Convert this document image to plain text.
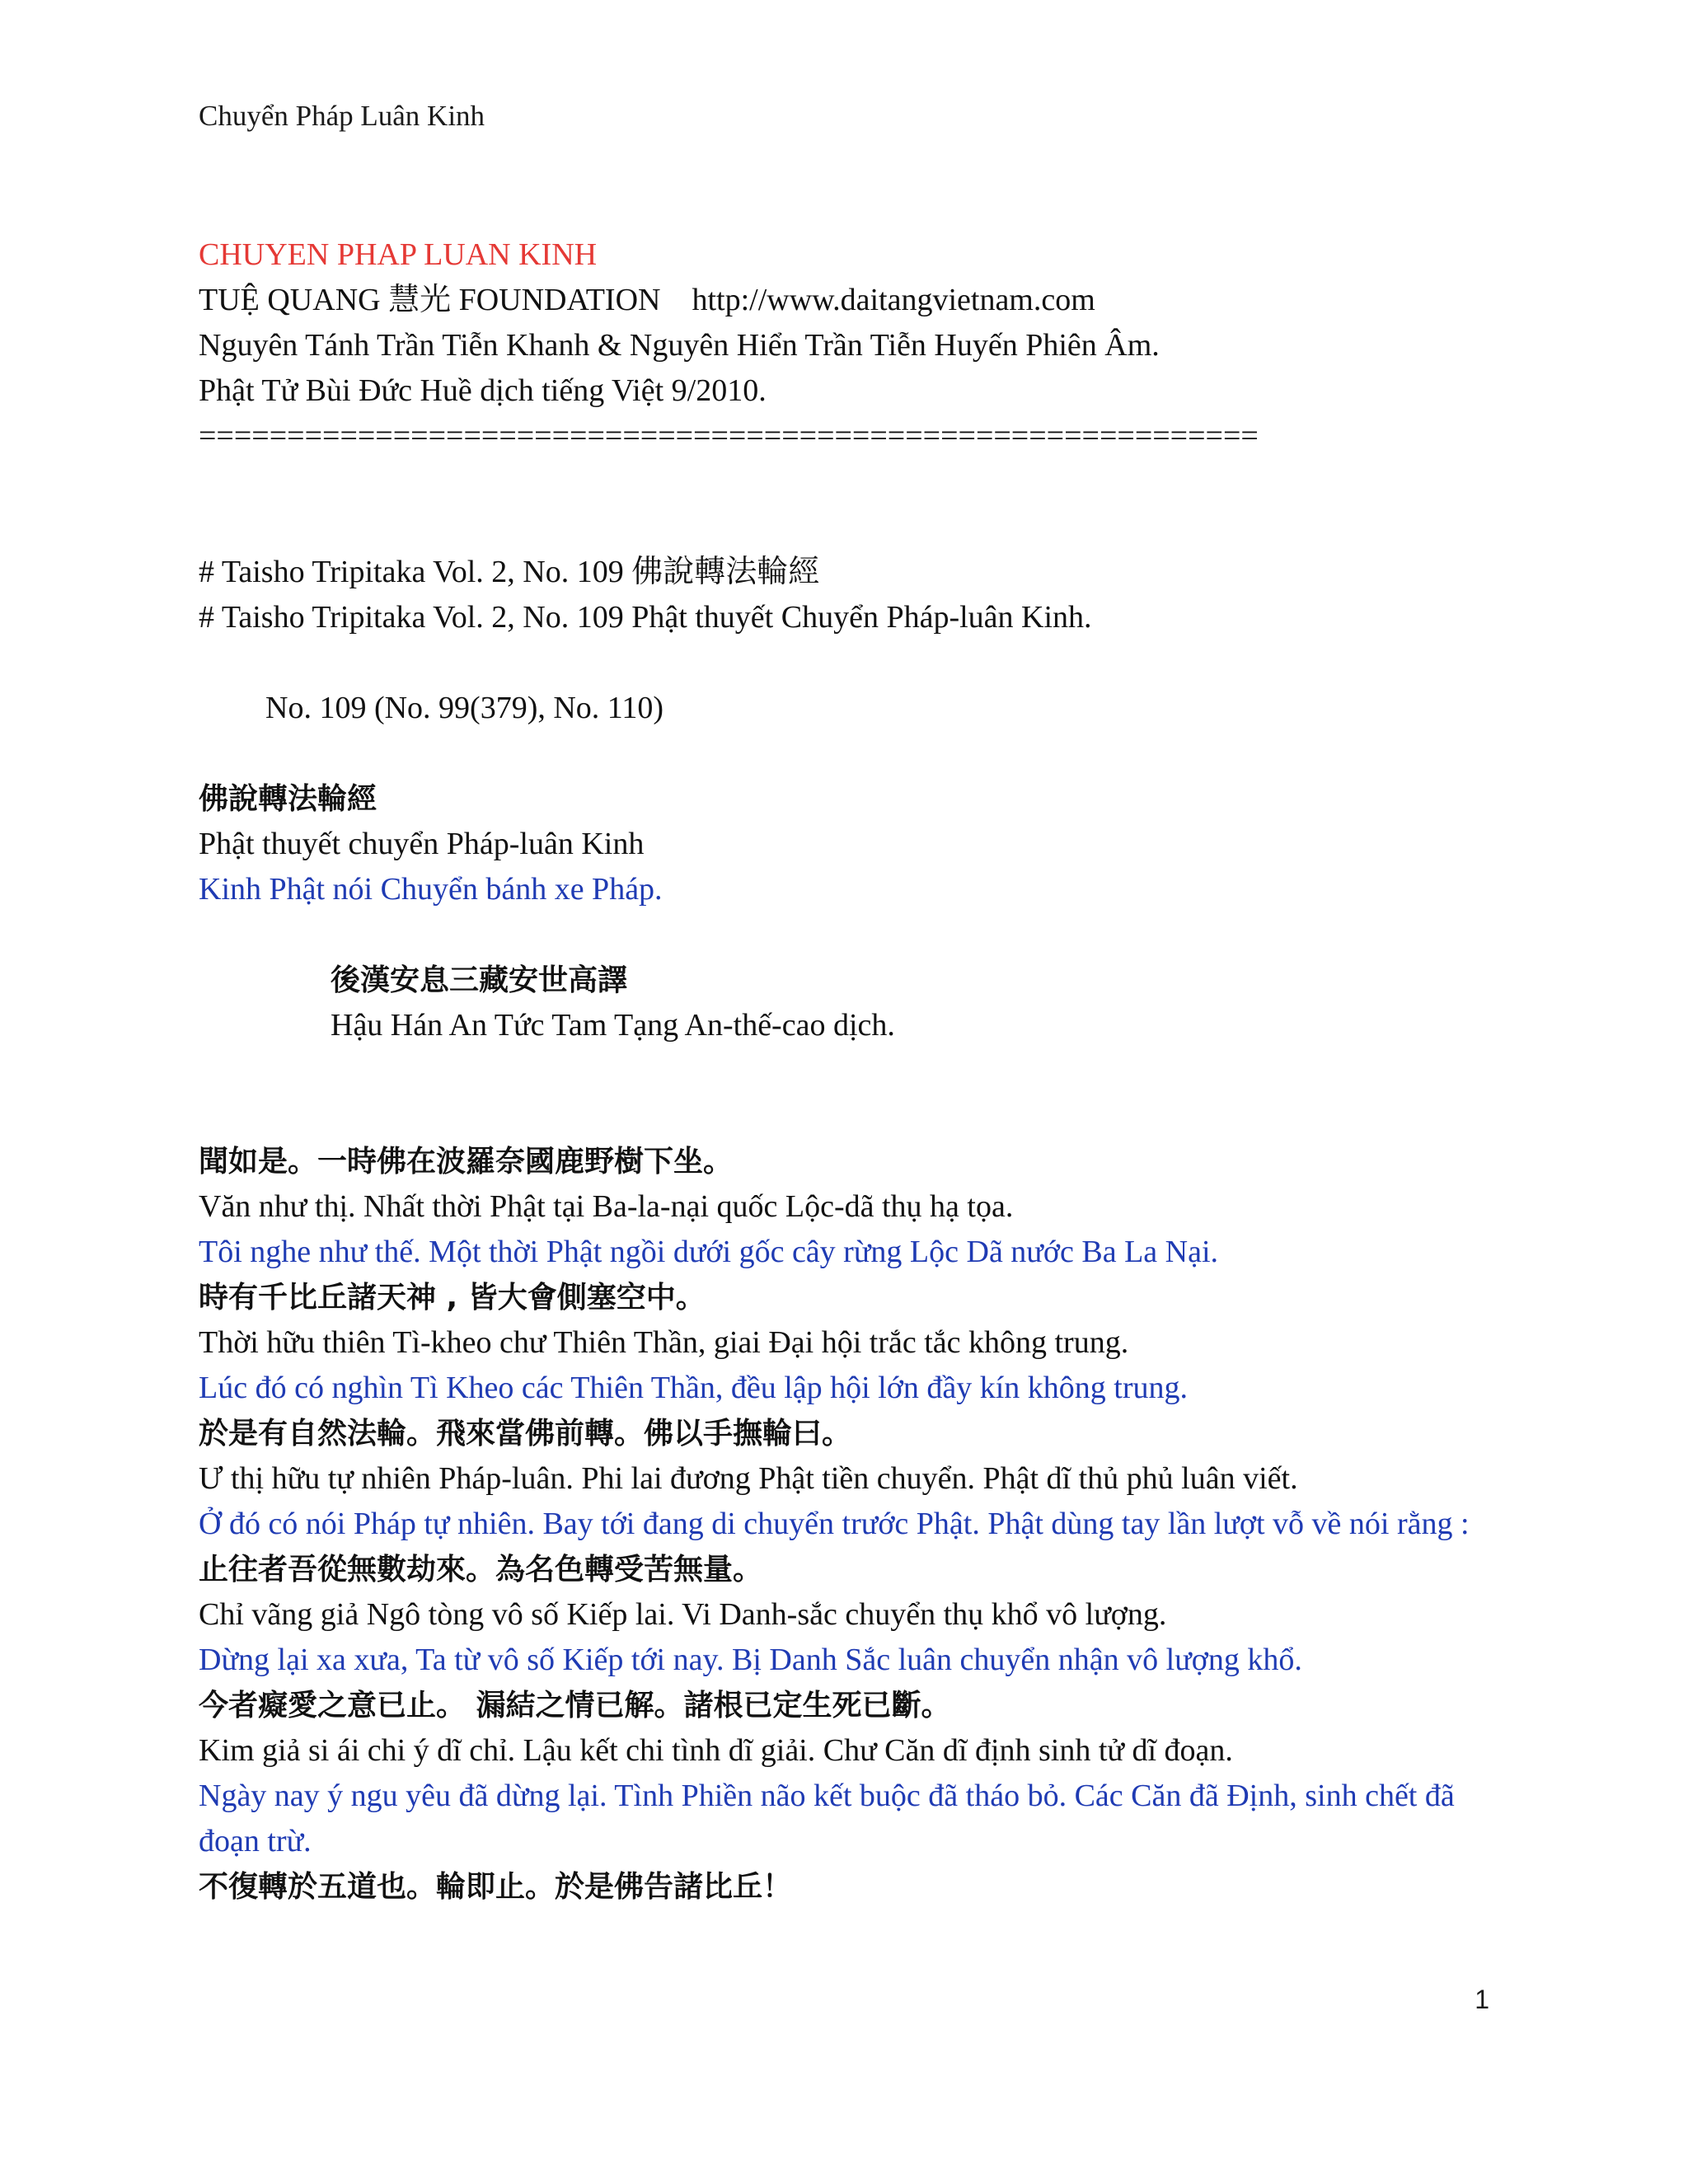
Chuyển Pháp Luân Kinh
CHUYEN PHAP LUAN KINH
TUỆ QUANG 慧光 FOUNDATION    http://www.daitangvietnam.com
Nguyên Tánh Trần Tiễn Khanh & Nguyên Hiển Trần Tiễn Huyến Phiên Âm.
Phật Tử Bùi Đức Huề dịch tiếng Việt 9/2010.
============================================================
# Taisho Tripitaka Vol. 2, No. 109 佛說轉法輪經
# Taisho Tripitaka Vol. 2, No. 109 Phật thuyết Chuyển Pháp-luân Kinh.
No. 109 (No. 99(379), No. 110)
佛說轉法輪經
Phật thuyết chuyển Pháp-luân Kinh
Kinh Phật nói Chuyển bánh xe Pháp.
後漢安息三藏安世高譯
Hậu Hán An Tức Tam Tạng An-thế-cao dịch.
聞如是。一時佛在波羅奈國鹿野樹下坐。
Văn như thị. Nhất thời Phật tại Ba-la-nại quốc Lộc-dã thụ hạ tọa.
Tôi nghe như thế. Một thời Phật ngồi dưới gốc cây rừng Lộc Dã nước Ba La Nại.
時有千比丘諸天神 , 皆大會側塞空中。
Thời hữu thiên Tì-kheo chư Thiên Thần, giai Đại hội trắc tắc không trung.
Lúc đó có nghìn Tì Kheo các Thiên Thần, đều lập hội lớn đầy kín không trung.
於是有自然法輪。飛來當佛前轉。佛以手撫輪曰。
Ư thị hữu tự nhiên Pháp-luân. Phi lai đương Phật tiền chuyển. Phật dĩ thủ phủ luân viết.
Ở đó có nói Pháp tự nhiên. Bay tới đang di chuyển trước Phật. Phật dùng tay lần lượt vỗ về nói rằng :
止往者吾從無數劫來。為名色轉受苦無量。
Chỉ vãng giả Ngô tòng vô số Kiếp lai. Vi Danh-sắc chuyển thụ khổ vô lượng.
Dừng lại xa xưa, Ta từ vô số Kiếp tới nay. Bị Danh Sắc luân chuyển nhận vô lượng khổ.
今者癡愛之意已止。 漏結之情已解。諸根已定生死已斷。
Kim giả si ái chi ý dĩ chỉ. Lậu kết chi tình dĩ giải. Chư Căn dĩ định sinh tử dĩ đoạn.
Ngày nay ý ngu yêu đã dừng lại. Tình Phiền não kết buộc đã tháo bỏ. Các Căn đã Định, sinh chết đã đoạn trừ.
不復轉於五道也。輪即止。於是佛告諸比丘！
1
